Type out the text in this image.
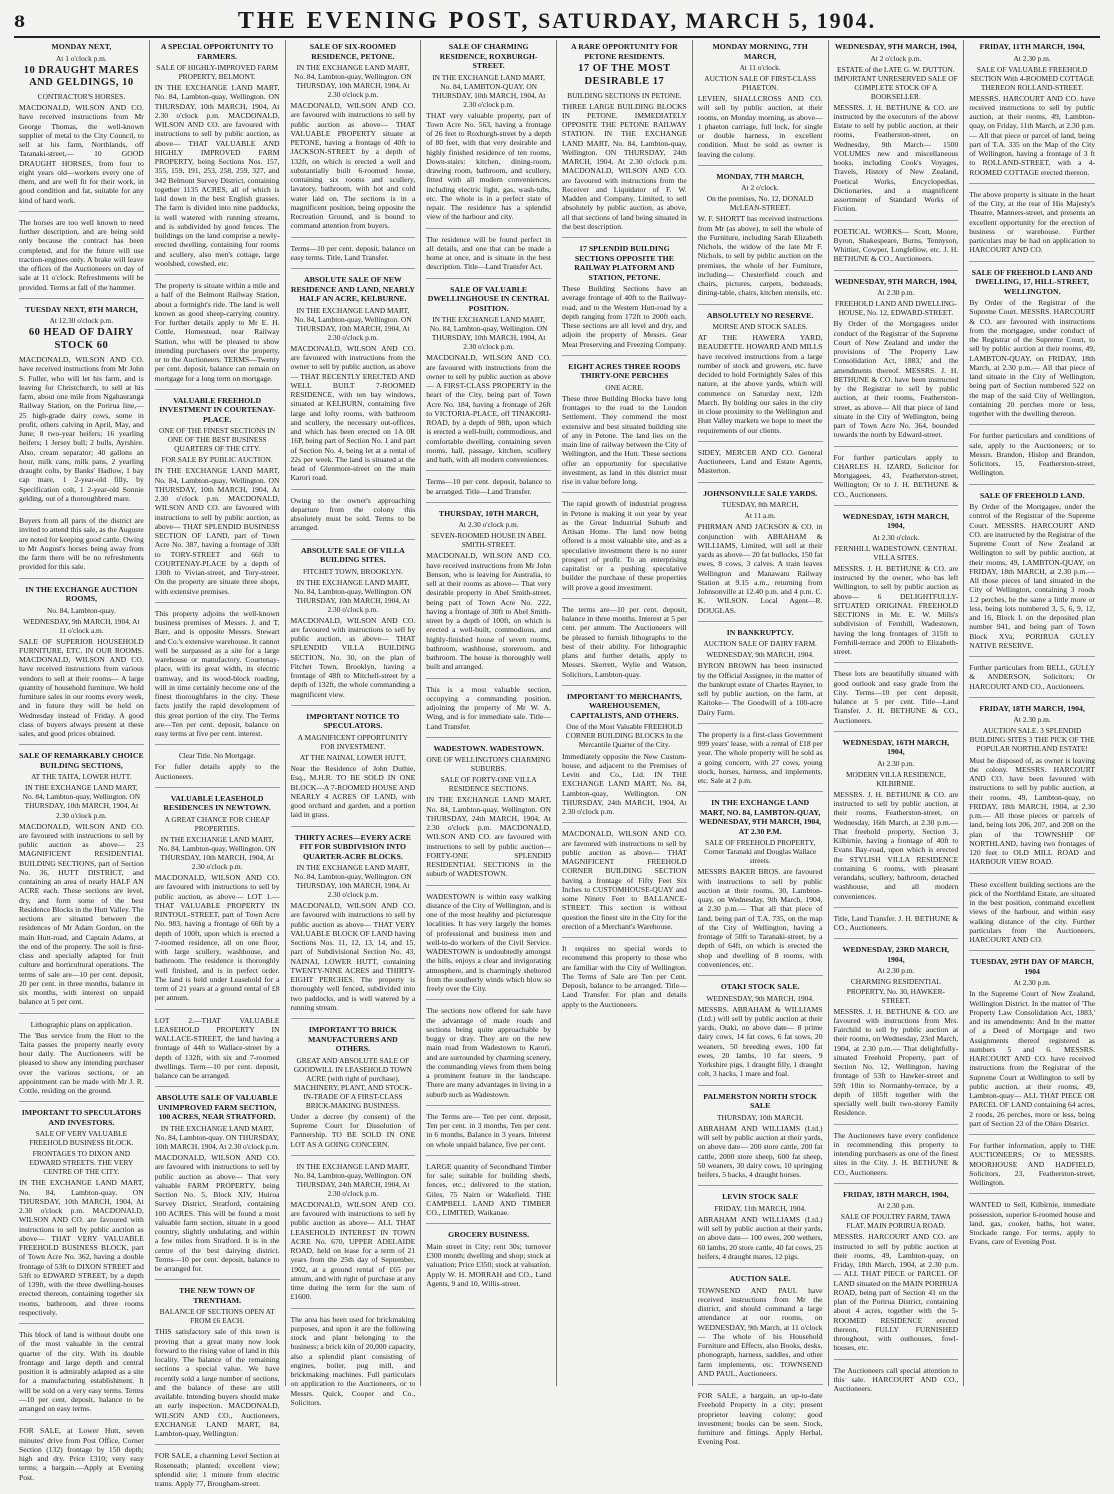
8	THE EVENING POST, SATURDAY, MARCH 5, 1904.
MONDAY NEXT,
At 1 o'clock p.m.
10 DRAUGHT MARES AND GELDINGS, 10
CONTRACTOR'S HORSES.

MACDONALD, WILSON AND CO. have received instructions from Mr George Thomas, the well-known supplier of metal to the City Council, to sell at his farm, Northlands, off Taranaki-street,— 10 GOOD DRAUGHT HORSES, from four to eight years old—workers every one of them, and are well fit for their work, in good condition and fat, suitable for any kind of hard work.

The horses are too well known to need further description, and are being sold only because the contract has been completed, and for the future will use traction-engines only. A brake will leave the offices of the Auctioneers on day of sale at 11 o'clock. Refreshments will be provided. Terms at fall of the hammer.

TUESDAY NEXT, 8TH MARCH,
At 12.30 o'clock p.m.
60 HEAD OF DAIRY STOCK 60

MACDONALD, WILSON AND CO. have received instructions from Mr John S. Fuller, who will let his farm, and is leaving for Christchurch, to sell at his farm, about one mile from Ngahauranga Railway Station, on the Porirua line,— 25 high-grade dairy cows, some in profit, others calving in April, May, and June; 8 two-year heifers; 16 yearling heifers; 1 Jersey bull; 2 bulls, Ayrshire. Also, cream separator; 40 gallons an hour, milk cans, milk pans, 2 yearling draught colts, by Banks' Hadlow, 1 bay cap mare, 1 2-year-old filly, by Specification colt, 1 2-year-old Sonnie gelding, out of a thoroughbred mare.

Buyers from all parts of the district are invited to attend this sale, as the Auguste are noted for keeping good cattle. Owing to Mr August's horses being away from the farm there will be no refreshments provided for this sale.

IN THE EXCHANGE AUCTION ROOMS,
No. 84, Lambton-quay.
WEDNESDAY, 9th MARCH, 1904, At 11 o'clock a.m.

SALE OF SUPERIOR HOUSEHOLD FURNITURE, ETC. IN OUR ROOMS. MACDONALD, WILSON AND CO. have received instructions from various vendors to sell at their rooms— A large quantity of household furniture. We hold furniture sales in our rooms every week, and in future they will be held on Wednesday instead of Friday. A good class of buyers always present at these sales, and good prices obtained.

SALE OF REMARKABLY CHOICE BUILDING SECTIONS,
AT THE TAITA, LOWER HUTT.
IN THE EXCHANGE LAND MART, No. 84, Lambton-quay, Wellington. ON THURSDAY, 10th MARCH, 1904, At 2.30 o'clock p.m.

MACDONALD, WILSON AND CO. are favoured with instructions to sell by public auction as above— 23 MAGNIFICENT RESIDENTIAL BUILDING SECTIONS, part of Section No. 36, HUTT DISTRICT, and containing an area of nearly HALF AN ACRE each. These sections are level, dry, and form some of the best Residence Blocks in the Hutt Valley. The sections are situated between the residences of Mr Adam Gordon, on the main Hutt-road, and Captain Adams, at the end of the property. The soil is first-class and specially adapted for fruit culture and horticultural operations. The terms of sale are—10 per cent. deposit, 20 per cent. in three months, balance in six months, with interest on unpaid balance at 5 per cent.

Lithographic plans on application.

The 'Bus service from the Hutt to the Taita passes the property nearly every hour daily. The Auctioneers will be pleased to show any intending purchaser over the various sections, or an appointment can be made with Mr J. R. Cottle, residing on the ground.

IMPORTANT TO SPECULATORS AND INVESTORS.
SALE OF VERY VALUABLE FREEHOLD BUSINESS BLOCK.
FRONTAGES TO DIXON AND EDWARD STREETS. THE VERY CENTRE OF THE CITY.

IN THE EXCHANGE LAND MART, No. 84, Lambton-quay. ON THURSDAY, 10th MARCH, 1904, At 2.30 o'clock p.m. MACDONALD, WILSON AND CO. are favoured with instructions to sell by public auction as above— THAT VERY VALUABLE FREEHOLD BUSINESS BLOCK, part of Town Acre No. 362, having a double frontage of 53ft to DIXON STREET and 53ft to EDWARD STREET, by a depth of 139ft, with the three dwelling-houses erected thereon, containing together six rooms, bathroom, and three rooms respectively.

This block of land is without doubt one of the most valuable in the central quarter of the city. With its double frontage and large depth and central position it is admirably adapted as a site for a manufacturing establishment. It will be sold on a very easy terms. Terms—10 per cent. deposit, balance to be arranged on easy terms.

FOR SALE, at Lower Hutt, seven minutes' drive from Post Office, Corner Section (132) frontage by 150 depth; high and dry. Price £310; very easy terms; a bargain.—Apply at Evening Post.

A SPECIAL OPPORTUNITY TO FARMERS.
SALE OF HIGHLY-IMPROVED FARM PROPERTY, BELMONT.

IN THE EXCHANGE LAND MART, No. 84, Lambton-quay, Wellington. ON THURSDAY, 10th MARCH, 1904, At 2.30 o'clock p.m. MACDONALD, WILSON AND CO. are favoured with instructions to sell by public auction, as above— THAT VALUABLE AND HIGHLY IMPROVED FARM PROPERTY, being Sections Nos. 157, 355, 159, 191, 253, 258, 259, 327, and 342 Belmont Survey District, containing together 1135 ACRES, all of which is laid down in the best English grasses. The farm is divided into nine paddocks, is well watered with running streams, and is subdivided by good fences. The buildings on the land comprise a newly-erected dwelling, containing four rooms and scullery, also men's cottage, large woolshed, cowshed, etc.

The property is situate within a mile and a half of the Belmont Railway Station, about a fortnight's ride. The land is well known as good sheep-carrying country. For further details apply to Mr E. H. Cottle, Homestead, near Railway Station, who will be pleased to show intending purchasers over the property, or to the Auctioneers. TERMS—Twenty per cent. deposit, balance can remain on mortgage for a long term on mortgage.

VALUABLE FREEHOLD INVESTMENT IN COURTENAY-PLACE.
ONE OF THE FINEST SECTIONS IN ONE OF THE BEST BUSINESS QUARTERS OF THE CITY.
FOR SALE BY PUBLIC AUCTION.

IN THE EXCHANGE LAND MART, No. 84, Lambton-quay, Wellington. ON THURSDAY, 10th MARCH, 1904, At 2.30 o'clock p.m. MACDONALD, WILSON AND CO. are favoured with instructions to sell by public auction, as above— THAT SPLENDID BUSINESS SECTION OF LAND, part of Town Acre No. 387, having a frontage of 33ft to TORY-STREET and 66ft to COURTENAY-PLACE by a depth of 130ft to Vivian-street, and Tory-street. On the property are situate three shops, with extensive premises.

This property adjoins the well-known business premises of Messrs. J. and T. Barr, and is opposite Messrs. Stewart and Co.'s extensive warehouse. It cannot well be surpassed as a site for a large warehouse or manufactory. Courtenay-place, with its great width, its electric tramway, and its wood-block roading, will in time certainly become one of the finest thoroughfares in the city. These facts justify the rapid development of this great portion of the city. The Terms are—Ten per cent. deposit, balance on easy terms at five per cent. interest.

Clear Title. No Mortgage.

For fuller details apply to the Auctioneers.

VALUABLE LEASEHOLD RESIDENCES IN NEWTOWN.
A GREAT CHANCE FOR CHEAP PROPERTIES.
IN THE EXCHANGE LAND MART, No. 84, Lambton-quay, Wellington. ON THURSDAY, 10th MARCH, 1904, At 2.30 o'clock p.m.

MACDONALD, WILSON AND CO. are favoured with instructions to sell by public auction, as above— LOT 1.—THAT VALUABLE PROPERTY IN RINTOUL-STREET, part of Town Acre No. 983, having a frontage of 66ft by a depth of 100ft, upon which is erected a 7-roomed residence, all on one floor, with large scullery, washhouse, and bathroom. The residence is thoroughly well finished, and is in perfect order. The land is held under Leasehold for a term of 21 years at a ground rental of £8 per annum.

LOT 2.—THAT VALUABLE LEASEHOLD PROPERTY IN WALLACE-STREET, the land having a frontage of 44ft to Wallace-street by a depth of 132ft, with six and 7-roomed dwellings. Term—10 per cent. deposit, balance can be arranged.

ABSOLUTE SALE OF VALUABLE UNIMPROVED FARM SECTION, 100 ACRES, NEAR STRATFORD.
IN THE EXCHANGE LAND MART, No. 84, Lambton-quay. ON THURSDAY, 10th MARCH, 1904, At 2.30 o'clock p.m.

MACDONALD, WILSON AND CO. are favoured with instructions to sell by public auction as above— That very valuable FARM PROPERTY, being Section No. 5, Block XIV, Huiroa Survey District, Stratford, containing 100 ACRES. This will be found a most valuable farm section, situate in a good country, slightly undulating, and within a few miles from Stratford. It is in the centre of the best dairying district. Terms—10 per cent. deposit, balance to be arranged for.

THE NEW TOWN OF TRENTHAM.
BALANCE OF SECTIONS OPEN AT FROM £6 EACH.

THIS satisfactory sale of this town is proving that a great many now look forward to the rising value of land in this locality. The balance of the remaining sections a special value. We have recently sold a large number of sections, and the balance of these are still available. Intending buyers should make an early inspection. MACDONALD, WILSON AND CO., Auctioneers, EXCHANGE LAND MART, 84, Lambton-quay, Wellington.

FOR SALE, a charming Level Section at Roseneath; planted; excellent view; splendid site; 1 minute from electric trams. Apply 77, Brougham-street.

SALE OF SIX-ROOMED RESIDENCE, PETONE.
IN THE EXCHANGE LAND MART, No. 84, Lambton-quay, Wellington. ON THURSDAY, 10th MARCH, 1904, At 2.30 o'clock p.m.

MACDONALD, WILSON AND CO. are favoured with instructions to sell by public auction as above— THAT VALUABLE PROPERTY situate at PETONE, having a frontage of 40ft to JACKSON-STREET by a depth of 132ft, on which is erected a well and substantially built 6-roomed house, containing six rooms and scullery, lavatory, bathroom, with hot and cold water laid on. The sections is in a magnificent position, being opposite the Recreation Ground, and is bound to command attention from buyers.

Terms—10 per cent. deposit, balance on easy terms. Title, Land Transfer.

ABSOLUTE SALE OF NEW RESIDENCE AND LAND, NEARLY HALF AN ACRE, KELBURNE.
IN THE EXCHANGE LAND MART, No. 84, Lambton-quay, Wellington. ON THURSDAY, 10th MARCH, 1904, At 2.30 o'clock p.m.

MACDONALD, WILSON AND CO. are favoured with instructions from the owner to sell by public auction, as above— THAT RECENTLY ERECTED AND WELL BUILT 7-ROOMED RESIDENCE, with ten bay windows, situated at KELBURN, containing five large and lofty rooms, with bathroom and scullery, the necessary out-offices, and which has been erected on 1A 0R 16P, being part of Section No. 1 and part of Section No. 4, being let at a rental of 22s per week. The land is situated at the head of Glenmore-street on the main Karori road.

Owing to the owner's approaching departure from the colony this absolutely must be sold. Terms to be arranged.

ABSOLUTE SALE OF VILLA BUILDING SITES.
FITCHET TOWN, BROOKLYN.
IN THE EXCHANGE LAND MART, No. 84, Lambton-quay, Wellington. ON THURSDAY, 10th MARCH, 1904, At 2.30 o'clock p.m.

MACDONALD, WILSON AND CO. are favoured with instructions to sell by public auction, as above— THAT SPLENDID VILLA BUILDING SECTION, No. 30, on the plan of Fitchet Town, Brooklyn, having a frontage of 48ft to Mitchell-street by a depth of 132ft, the whole commanding a magnificent view.

IMPORTANT NOTICE TO SPECULATORS.
A MAGNIFICENT OPPORTUNITY FOR INVESTMENT.
AT THE NAINAI, LOWER HUTT,

Near the Residence of John Duthie, Esq., M.H.R. TO BE SOLD IN ONE BLOCK—A 7-ROOMED HOUSE AND NEARLY 4 ACRES OF LAND, with good orchard and garden, and a portion laid in grass.

THIRTY ACRES—EVERY ACRE FIT FOR SUBDIVISION INTO QUARTER-ACRE BLOCKS.
IN THE EXCHANGE LAND MART, No. 84, Lambton-quay, Wellington. ON THURSDAY, 10th MARCH, 1904, At 2.30 o'clock p.m.

MACDONALD, WILSON AND CO. are favoured with instructions to sell by public auction as above— THAT VERY VALUABLE BLOCK OF LAND having Sections Nos. 11, 12, 13, 14, and 15, part of Subdivisional Section No. 43, NAINAI, LOWER HUTT, containing TWENTY-NINE ACRES and THIRTY-EIGHT PERCHES. The property is thoroughly well fenced, subdivided into two paddocks, and is well watered by a running stream.

IMPORTANT TO BRICK MANUFACTURERS AND OTHERS.
GREAT AND ABSOLUTE SALE OF GOODWILL IN LEASEHOLD TOWN ACRE (with right of purchase), MACHINERY, PLANT, AND STOCK-IN-TRADE OF A FIRST-CLASS BRICK-MAKING BUSINESS.

Under a decree (by consent) of the Supreme Court for Dissolution of Partnership. TO BE SOLD IN ONE LOT AS A GOING CONCERN.

IN THE EXCHANGE LAND MART, No. 84, Lambton-quay, Wellington. ON THURSDAY, 24th MARCH, 1904, At 2.30 o'clock p.m.

MACDONALD, WILSON AND CO. are favoured with instructions to sell by public auction as above— ALL THAT LEASEHOLD INTEREST IN TOWN ACRE No. 670, UPPER ADELAIDE ROAD, held on lease for a term of 21 years from the 25th day of September, 1902, at a ground rental of £65 per annum, and with right of purchase at any time during the term for the sum of £1600.

The area has been used for brickmaking purposes, and upon it are the following stock and plant belonging to the business; a brick kiln of 20,000 capacity, also a splendid plant consisting of engines, boiler, pug mill, and brickmaking machines. Full particulars on application to the Auctioneers, or to Messrs. Quick, Cooper and Co., Solicitors.

SALE OF CHARMING RESIDENCE, ROXBURGH-STREET.
IN THE EXCHANGE LAND MART, No. 84, LAMBTON-QUAY. ON THURSDAY, 10th MARCH, 1904, At 2.30 o'clock p.m.

THAT very valuable property, part of Town Acre No. 563, having a frontage of 26 feet to Roxburgh-street by a depth of 80 feet, with that very desirable and highly finished residence of ten rooms, Down-stairs: kitchen, dining-room, drawing room, bathroom, and scullery, fitted with all modern conveniences, including electric light, gas, wash-tubs, etc. The whole is in a perfect state of repair. The residence has a splendid view of the harbour and city.

The residence will be found perfect in all details, and one that can be made a home at once, and is situate in the best description. Title—Land Transfer Act.

SALE OF VALUABLE DWELLINGHOUSE IN CENTRAL POSITION.
IN THE EXCHANGE LAND MART, No. 84, Lambton-quay, Wellington. ON THURSDAY, 10th MARCH, 1904, At 2.30 o'clock p.m.

MACDONALD, WILSON AND CO. are favoured with instructions from the owner to sell by public auction as above— A FIRST-CLASS PROPERTY in the heart of the City, being part of Town Acre No. 184, having a frontage of 26ft to VICTORIA-PLACE, off TINAKORI-ROAD, by a depth of 98ft, upon which is erected a well-built, commodious, and comfortable dwelling, containing seven rooms, hall, passage, kitchen, scullery and bath, with all modern conveniences.

Terms—10 per cent. deposit, balance to be arranged. Title—Land Transfer.

THURSDAY, 10TH MARCH,
At 2.30 o'clock p.m.
SEVEN-ROOMED HOUSE IN ABEL SMITH-STREET.

MACDONALD, WILSON AND CO. have received instructions from Mr John Benson, who is leaving for Australia, to sell at their rooms as above— That very desirable property in Abel Smith-street, being part of Town Acre No. 222, having a frontage of 30ft to Abel Smith-street by a depth of 100ft, on which is erected a well-built, commodious, and highly-finished house of seven rooms, bathroom, washhouse, storeroom, and bathroom. The house is thoroughly well built and arranged.

This is a most valuable section, occupying a commanding position, adjoining the property of Mr W. A. Wing, and is for immediate sale. Title—Land Transfer.

WADESTOWN. WADESTOWN.
ONE OF WELLINGTON'S CHARMING SUBURBS.
SALE OF FORTY-ONE VILLA RESIDENCE SECTIONS.

IN THE EXCHANGE LAND MART, No. 84, Lambton-quay, Wellington. ON THURSDAY, 24th MARCH, 1904, At 2.30 o'clock p.m. MACDONALD, WILSON AND CO. are favoured with instructions to sell by public auction— FORTY-ONE SPLENDID RESIDENTIAL SECTIONS in the suburb of WADESTOWN.

WADESTOWN is within easy walking distance of the City of Wellington, and is one of the most healthy and picturesque localities. It has very largely the homes of professional and business men and well-to-do workers of the Civil Service. WADESTOWN is undoubtedly amongst the hills, enjoys a clear and invigorating atmosphere, and is charmingly sheltered from the southerly winds which blow so freely over the City.

The sections now offered for sale have the advantage of made roads and sections being quite approachable by buggy or dray. They are on the new main road from Wadestown to Karori, and are surrounded by charming scenery, the commanding views from them being a prominent feature in the landscape. There are many advantages in living in a suburb such as Wadestown.

The Terms are— Ten per cent. deposit, Ten per cent. in 3 months, Ten per cent. in 6 months, Balance in 3 years. Interest on whole unpaid balance, five per cent.

LARGE quantity of Secondhand Timber for sale; suitable for building sheds, fences, etc.; delivered to the station, Giles, 75 Nairn or Wakefield. THE CAMPBELL LAND AND TIMBER CO., LIMITED, Waikanae.

GROCERY BUSINESS.

Main street in City; rent 30s; turnover £300 month; dwelling and shop; stock at valuation; Price £350; stock at valuation. Apply W. H. MORRAH and CO., Land Agents, 9 and 10, Willis-street.

A RARE OPPORTUNITY FOR PETONE RESIDENTS.
17 OF THE MOST DESIRABLE 17
BUILDING SECTIONS IN PETONE.

THREE LARGE BUILDING BLOCKS IN PETONE. IMMEDIATELY OPPOSITE THE PETONE RAILWAY STATION. IN THE EXCHANGE LAND MART, No. 84, Lambton-quay, Wellington. ON THURSDAY, 24th MARCH, 1904, At 2.30 o'clock p.m. MACDONALD, WILSON AND CO. are favoured with instructions from the Receiver and Liquidator of F. W. Madden and Company, Limited, to sell absolutely by public auction, as above, all that sections of land being situated in the best description.

17 SPLENDID BUILDING SECTIONS OPPOSITE THE RAILWAY PLATFORM AND STATION, PETONE.

These Building Sections have an average frontage of 40ft to the Railway-road, and to the Western Hutt-road by a depth ranging from 172ft to 200ft each. These sections are all level and dry, and adjoin the property of Messrs. Gear Meat Preserving and Freezing Company.

EIGHT ACRES THREE ROODS THIRTY-ONE PERCHES
ONE ACRE.

These three Building Blocks have long frontages to the road to the Loudon Settlement. They commend the most extensive and best situated building site of any in Petone. The land lies on the main line of railway between the City of Wellington, and the Hutt. These sections offer an opportunity for speculative investment, as land in this district must rise in value before long.

The rapid growth of industrial progress in Petone is making it out year by year as the Great Industrial Suburb and Artisan Home. The land now being offered is a most valuable site, and as a speculative investment there is no surer prospect of profit. To an enterprising capitalist or a pushing speculative builder the purchase of these properties will prove a good investment.

The terms are—10 per cent. deposit, balance in three months. Interest at 5 per cent. per annum. The Auctioneers will be pleased to furnish lithographs to the best of their ability. For lithographic plans and further details, apply to Messrs. Skerrett, Wylie and Watson, Solicitors, Lambton-quay.

IMPORTANT TO MERCHANTS, WAREHOUSEMEN, CAPITALISTS, AND OTHERS.
One of the Most Valuable FREEHOLD CORNER BUILDING BLOCKS In the Mercantile Quarter of the City.

Immediately opposite the New Custom-house, and adjacent to the Premises of Levin and Co., Ltd. IN THE EXCHANGE LAND MART, No. 84, Lambton-quay, Wellington. ON THURSDAY, 24th MARCH, 1904, At 2.30 o'clock p.m.

MACDONALD, WILSON AND CO. are favoured with instructions to sell by public auction as above— THAT MAGNIFICENT FREEHOLD CORNER BUILDING SECTION having a frontage of Fifty Feet Six Inches to CUSTOMHOUSE-QUAY and some Ninety Feet to BALLANCE-STREET. This section is without question the finest site in the City for the erection of a Merchant's Warehouse.

It requires no special words to recommend this property to those who are familiar with the City of Wellington. The Terms of Sale are Ten per Cent. Deposit, balance to be arranged. Title—Land Transfer. For plan and details apply to the Auctioneers.

MONDAY MORNING, 7TH MARCH,
At 11 o'clock.
AUCTION SALE OF FIRST-CLASS PHAETON.

LEVIEN, SHALLCROSS AND CO. will sell by public auction, at their rooms, on Monday morning, as above— 1 phaeton carriage, full lock, for single or double harness, in excellent condition. Must be sold as owner is leaving the colony.

MONDAY, 7TH MARCH,
At 2 o'clock.
On the premises, No. 12, DONALD McLEAN-STREET.

W. F. SHORTT has received instructions from Mr (as above), to sell the whole of the Furniture, including Sarah Elizabeth Nichols, the widow of the late Mr F. Nichols, to sell by public auction on the premises, the whole of her Furniture, including— Chesterfield couch and chairs, pictures, carpets, bedsteads, dining-table, chairs, kitchen utensils, etc.

ABSOLUTELY NO RESERVE.
MORSE AND STOCK SALES.

AT THE HAWERA YARD, BEAUDETTE. HOWARD AND MILLS have received instructions from a large number of stock and growers, etc. have decided to hold Fortnightly Sales of this nature, at the above yards, which will commence on Saturday next, 12th March. By holding our sales in the city in close proximity to the Wellington and Hutt Valley markets we hope to meet the requirements of our clients.

SIDEY, MERCER AND CO. General Auctioneers, Land and Estate Agents, Masterton.

JOHNSONVILLE SALE YARDS.
TUESDAY, 8th MARCH,
At 11 a.m.

PHIRMAN AND JACKSON & CO. in conjunction with ABRAHAM & WILLIAMS, Limited, will sell at their yards as above— 20 fat bullocks, 150 fat ewes, 8 cows, 3 calves. A train leaves Wellington and Manawatu Railway Station at 9.15 a.m., returning from Johnsonville at 12.40 p.m. and 4 p.m. C. K. WILSON. Local Agent—R. DOUGLAS.

IN BANKRUPTCY.
AUCTION SALE OF DAIRY FARM.
WEDNESDAY, 9th MARCH, 1904.

BYRON BROWN has been instructed by the Official Assignee, in the matter of the bankrupt estate of Charles Rayner, to sell by public auction, on the farm, at Kaitoke— The Goodwill of a 100-acre Dairy Farm.

The property is a first-class Government 999 years' lease, with a rental of £18 per year. The whole property will be sold as a going concern, with 27 cows, young stock, horses, harness, and implements, etc. Sale at 2 p.m.

IN THE EXCHANGE LAND MART, NO. 84, LAMBTON-QUAY, WEDNESDAY, 9TH MARCH, 1904, AT 2.30 P.M.
SALE OF FREEHOLD PROPERTY, Corner Taranaki and Douglas Wallace streets.

MESSRS BAKER BROS. are favoured with instructions to sell by public auction at their rooms, 30, Lambton-quay, on Wednesday, 9th March, 1904, at 2.30 p.m.— That all that piece of land, being part of T.A. 735, on the map of the City of Wellington, having a frontage of 50ft to Taranaki-street, by a depth of 64ft, on which is erected the shop and dwelling of 8 rooms, with conveniences, etc.

OTAKI STOCK SALE.
WEDNESDAY, 9th MARCH, 1904.

MESSRS. ABRAHAM & WILLIAMS (Ltd.) will sell by public auction at their yards, Otaki, on above date— 8 prime dairy cows, 14 fat cows, 6 fat sows, 20 weaners, 50 breeding ewes, 100 fat ewes, 20 lambs, 10 fat steers, 9 Yorkshire pigs, 1 draught filly, 1 draught colt, 3 hacks, 1 mare and foal.

PALMERSTON NORTH STOCK SALE
THURSDAY, 10th MARCH.

ABRAHAM AND WILLIAMS (Ltd.) will sell by public auction at their yards, on above date— 200 store cattle, 200 fat cattle, 2000 store sheep, 600 fat sheep, 50 weaners, 30 dairy cows, 10 springing heifers, 5 hacks, 4 draught horses.

LEVIN STOCK SALE
FRIDAY, 11th MARCH, 1904.

ABRAHAM AND WILLIAMS (Ltd.) will sell by public auction at their yards, on above date— 100 ewes, 200 wethers, 60 lambs, 20 store cattle, 40 fat cows, 25 heifers, 4 draught mares, 12 pigs.

AUCTION SALE.

TOWNSEND AND PAUL have received instructions from Mr the district, and should command a large attendance at our rooms, on WEDNESDAY, 9th March, at 11 o'clock— The whole of his Household Furniture and Effects, also Books, desks, phonograph, harness, saddles, and other farm implements, etc. TOWNSEND AND PAUL, Auctioneers.

FOR SALE, a bargain, an up-to-date Freehold Property in a city; present proprietor leaving colony; good investment; books can be seen. Stock, furniture and fittings. Apply Herbal, Evening Post.

WEDNESDAY, 9TH MARCH, 1904,
At 2 o'clock p.m.
ESTATE of the LATE G. W. DUTTON. IMPORTANT UNRESERVED SALE OF COMPLETE STOCK OF A BOOKSELLER.

MESSRS. J. H. BETHUNE & CO. are instructed by the executors of the above Estate to sell by public auction, at their rooms, Featherston-street, on Wednesday, 9th March— 1500 VOLUMES new and miscellaneous books, including Cook's Voyages, Travels, History of New Zealand, Poetical Works, Encyclopedias, Dictionaries, and a magnificent assortment of Standard Works of Fiction.

POETICAL WORKS— Scott, Moore, Byron, Shakespeare, Burns, Tennyson, Whittier, Cowper, Longfellow, etc. J. H. BETHUNE & CO., Auctioneers.

WEDNESDAY, 9TH MARCH, 1904,
At 2.30 p.m.
FREEHOLD LAND AND DWELLING-HOUSE, No. 12, EDWARD-STREET.

By Order of the Mortgagees under conduct of the Registrar of the Supreme Court of New Zealand and under the provisions of 'The Property Law Consolidation Act, 1883,' and the amendments thereof. MESSRS. J. H. BETHUNE & CO. have been instructed by the Registrar to sell by public auction, at their rooms, Featherston-street, as above— All that piece of land situate in the City of Wellington, being part of Town Acre No. 364, bounded towards the north by Edward-street.

For further particulars apply to CHARLES H. IZARD, Solicitor for Mortgagees, 43, Featherston-street, Wellington; Or to J. H. BETHUNE & CO., Auctioneers.

WEDNESDAY, 16TH MARCH, 1904,
At 2.30 o'clock.
FERNHILL WADESTOWN. CENTRAL VILLA SITES.

MESSRS. J. H. BETHUNE & CO. are instructed by the owner, who has left Wellington, to sell by public auction as above— 6 DELIGHTFULLY-SITUATED ORIGINAL FREEHOLD SECTIONS in Mr. E. W. Mills's subdivision of Fernhill, Wadestown, having the long frontages of 315ft to Fernhill-terrace and 200ft to Elizabeth-street.

These lots are beautifully situated with good outlook and easy grade from the City. Terms—10 per cent deposit, balance at 5 per cent. Title—Land Transfer. J. H. BETHUNE & CO., Auctioneers.

WEDNESDAY, 16TH MARCH, 1904,
At 2.30 p.m.
MODERN VILLA RESIDENCE, KILBIRNIE.

MESSRS. J. H. BETHUNE & CO. are instructed to sell by public auction, at their rooms, Featherston-street, on Wednesday, 16th March, at 2.30 p.m.— That freehold property, Section 3, Kilbirnie, having a frontage of 40ft to Evans Bay-road, upon which is erected the STYLISH VILLA RESIDENCE containing 6 rooms, with pleasant verandahs, scullery, bathroom, detached washhouse, and all modern conveniences.

Title, Land Transfer. J. H. BETHUNE & CO., Auctioneers.

WEDNESDAY, 23RD MARCH, 1904,
At 2.30 p.m.
CHARMING RESIDENTIAL PROPERTY, No. 30, HAWKER-STREET.

MESSRS. J. H. BETHUNE & CO. are favoured with instructions from Mrs. Fairchild to sell by public auction at their rooms, on Wednesday, 23rd March, 1904, at 2.30 p.m.— That delightfully-situated Freehold Property, part of Section No. 12, Wellington, having frontage of 53ft to Hawker-street and 59ft 10in to Normanby-terrace, by a depth of 105ft together with the specially well built two-storey Family Residence.

The Auctioneers have every confidence in recommending this property to intending purchasers as one of the finest sites in the City. J. H. BETHUNE & CO., Auctioneers.

FRIDAY, 18TH MARCH, 1904,
At 2.30 p.m.
SALE OF POULTRY FARM, TAWA FLAT. MAIN PORIRUA ROAD.

MESSRS. HARCOURT AND CO. are instructed to sell by public auction at their rooms, 49, Lambton-quay, on Friday, 18th March, 1904, at 2.30 p.m.— ALL THAT PIECE or PARCEL OF LAND situated on the MAIN PORIRUA ROAD, being part of Section 41 on the plan of the Porirua District, containing about 4 acres, together with the 5-ROOMED RESIDENCE erected thereon, FULLY FURNISHED throughout, with outhouses, fowl-houses, etc.

The Auctioneers call special attention to this sale. HARCOURT AND CO., Auctioneers.

FRIDAY, 11TH MARCH, 1904,
At 2.30 p.m.
SALE OF VALUABLE FREEHOLD SECTION With 4-ROOMED COTTAGE THEREON ROLLAND-STREET.

MESSRS. HARCOURT AND CO. have received instructions to sell by public auction, at their rooms, 49, Lambton-quay, on Friday, 11th March, at 2.30 p.m.— All that piece or parcel of land, being part of T.A. 335 on the Map of the City of Wellington, having a frontage of 3 ft to ROLLAND-STREET, with a 4-ROOMED COTTAGE erected thereon.

The above property is situate in the heart of the City, at the rear of His Majesty's Theatre, Manners-street, and presents an excellent opportunity for the erection of business or warehouse. Further particulars may be had on application to HARCOURT AND CO.

SALE OF FREEHOLD LAND AND DWELLING, 17, HILL-STREET, WELLINGTON.

By Order of the Registrar of the Supreme Court. MESSRS. HARCOURT & CO. are favoured with instructions from the mortgagee, under conduct of the Registrar of the Supreme Court, to sell by public auction at their rooms, 49, LAMBTON-QUAY, on FRIDAY, 18th March, at 2.30 p.m.— All that piece of land situate in the City of Wellington, being part of Section numbered 522 on the map of the said City of Wellington, containing 20 perches more or less, together with the dwelling thereon.

For further particulars and conditions of sale, apply to the Auctioneers; or to Messrs. Brandon, Hislop and Brandon, Solicitors, 15, Featherston-street, Wellington.

SALE OF FREEHOLD LAND.

By Order of the Mortgagee, under the control of the Registrar of the Supreme Court. MESSRS. HARCOURT AND CO. are instructed by the Registrar of the Supreme Court of New Zealand at Wellington to sell by public auction, at their rooms, 49, LAMBTON-QUAY, on FRIDAY, 18th MARCH, at 2.30 p.m.— All those pieces of land situated in the City of Wellington, containing 3 roods 1.2 perches, be the same a little more or less, being lots numbered 3, 5, 6, 9, 12, and 16, Block I. on the deposited plan number 941, and being part of Town Block XVa, PORIRUA GULLY NATIVE RESERVE.

Further particulars from BELL, GULLY & ANDERSON, Solicitors; Or HARCOURT AND CO., Auctioneers.

FRIDAY, 18TH MARCH, 1904,
At 2.30 p.m.
AUCTION SALE. 3 SPLENDID BUILDING SITES 3 THE PICK OF THE POPULAR NORTHLAND ESTATE!

Must be disposed of, as owner is leaving the colony. MESSRS. HARCOURT AND CO. have been favoured with instructions to sell by public auction, at their rooms, 49, Lambton-quay, on FRIDAY, 18th MARCH, 1904, at 2.30 p.m.— All those pieces or parcels of land, being lots 206, 207, and 208 on the plan of the TOWNSHIP OF NORTHLAND, having two frontages of 120 feet to OLD MILL ROAD and HARBOUR VIEW ROAD.

These excellent building sections are the pick of the Northland Estate, are situated in the best position, command excellent views of the harbour, and within easy walking distance of the city. Further particulars from the Auctioneers, HARCOURT AND CO.

TUESDAY, 29TH DAY OF MARCH, 1904
At 2.30 p.m.

In the Supreme Court of New Zealand, Wellington District. In the matter of 'The Property Law Consolidation Act, 1883,' and its amendments: And In the matter of a Deed of Mortgage and two Assignments thereof registered as numbers 5 and 6. MESSRS. HARCOURT AND CO. have received instructions from the Registrar of the Supreme Court at Wellington to sell by public auction, at their rooms, 49, Lambton-quay— ALL THAT PIECE OR PARCEL OF LAND containing 64 acres, 2 roods, 26 perches, more or less, being part of Section 23 of the Ohiro District.

For further information, apply to THE AUCTIONEERS; Or to MESSRS. MOORHOUSE AND HADFIELD, Solicitors, 23, Featherston-street, Wellington.

WANTED to Sell, Kilbirnie, immediate possession, superior 6-roomed house and land, gas, cooker, baths, hot water, Stockade range. For terms, apply to Evans, care of Evening Post.
